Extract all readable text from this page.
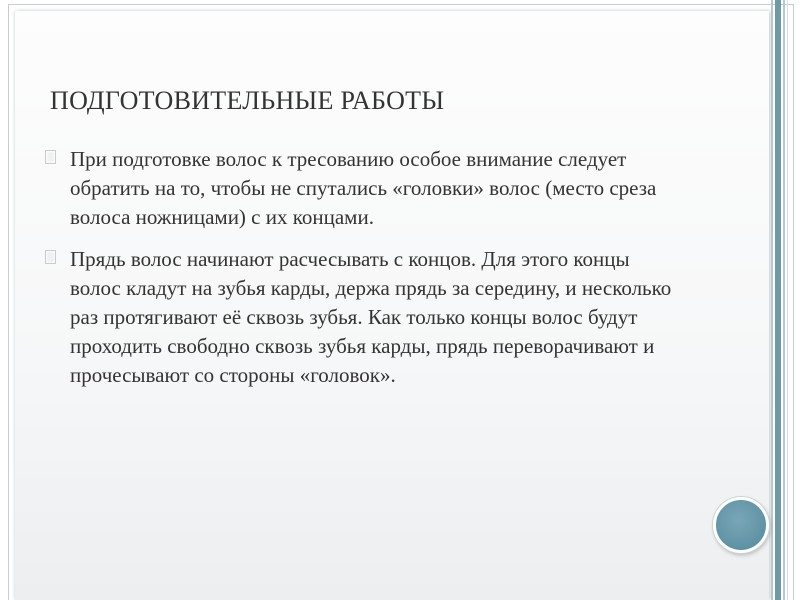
ПОДГОТОВИТЕЛЬНЫЕ РАБОТЫ
При подготовке волос к тресованию особое внимание следует обратить на то, чтобы не спутались «головки» волос (место среза волоса ножницами) с их концами.
Прядь волос начинают расчесывать с концов. Для этого концы волос кладут на зубья карды, держа прядь за середину, и несколько раз протягивают её сквозь зубья. Как только концы волос будут проходить свободно сквозь зубья карды, прядь переворачивают и прочесывают со стороны «головок».
